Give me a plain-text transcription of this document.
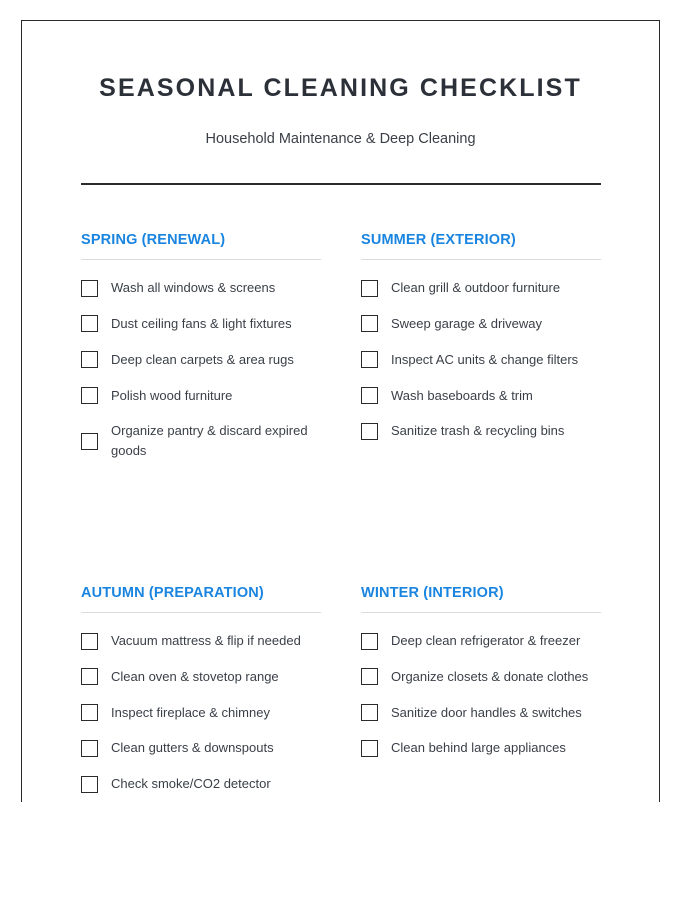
SEASONAL CLEANING CHECKLIST

Household Maintenance & Deep Cleaning

SPRING (RENEWAL)
Wash all windows & screens
Dust ceiling fans & light fixtures
Deep clean carpets & area rugs
Polish wood furniture
Organize pantry & discard expired goods
SUMMER (EXTERIOR)
Clean grill & outdoor furniture
Sweep garage & driveway
Inspect AC units & change filters
Wash baseboards & trim
Sanitize trash & recycling bins
AUTUMN (PREPARATION)
Vacuum mattress & flip if needed
Clean oven & stovetop range
Inspect fireplace & chimney
Clean gutters & downspouts
Check smoke/CO2 detector
WINTER (INTERIOR)
Deep clean refrigerator & freezer
Organize closets & donate clothes
Sanitize door handles & switches
Clean behind large appliances
